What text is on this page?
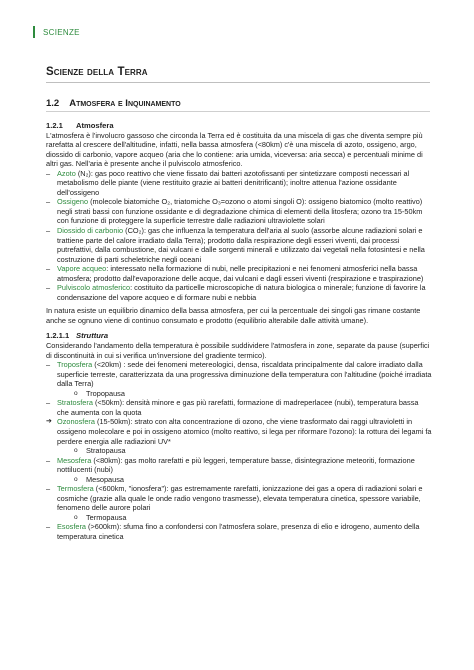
SCIENZE
Scienze della Terra
1.2 Atmosfera e Inquinamento
1.2.1 Atmosfera

L'atmosfera è l'involucro gassoso che circonda la Terra ed è costituita da una miscela di gas che diventa sempre più rarefatta al crescere dell'altitudine, infatti, nella bassa atmosfera (<80km) c'è una miscela di azoto, ossigeno, argo, diossido di carbonio, vapore acqueo (aria che lo contiene: aria umida, viceversa: aria secca) e percentuali minime di altri gas. Nell'aria è presente anche il pulviscolo atmosferico.

– Azoto (N₂): gas poco reattivo che viene fissato dai batteri azotofissanti per sintetizzare composti necessari al metabolismo delle piante (viene restituito grazie ai batteri denitrificanti); inoltre attenua l'azione ossidante dell'ossigeno
– Ossigeno (molecole biatomiche O₂, triatomiche O₃=ozono o atomi singoli O): ossigeno biatomico (molto reattivo) negli strati bassi con funzione ossidante e di degradazione chimica di elementi della litosfera; ozono tra 15-50km con funzione di proteggere la superficie terrestre dalle radiazioni ultraviolette solari
– Diossido di carbonio (CO₂): gas che influenza la temperatura dell'aria al suolo (assorbe alcune radiazioni solari e trattiene parte del calore irradiato dalla Terra); prodotto dalla respirazione degli esseri viventi, dai processi putrefattivi, dalla combustione, dai vulcani e dalle sorgenti minerali e utilizzato dai vegetali nella fotosintesi e nella costruzione di parti scheletriche negli oceani
– Vapore acqueo: interessato nella formazione di nubi, nelle precipitazioni e nei fenomeni atmosferici nella bassa atmosfera; prodotto dall'evaporazione delle acque, dai vulcani e dagli esseri viventi (respirazione e traspirazione)
– Pulviscolo atmosferico: costituito da particelle microscopiche di natura biologica o minerale; funzione di favorire la condensazione del vapore acqueo e di formare nubi e nebbia

In natura esiste un equilibrio dinamico della bassa atmosfera, per cui la percentuale dei singoli gas rimane costante anche se ognuno viene di continuo consumato e prodotto (equilibrio alterabile dalle attività umane).

1.2.1.1 Struttura

Considerando l'andamento della temperatura è possibile suddividere l'atmosfera in zone, separate da pause (superfici di discontinuità in cui si verifica un'inversione del gradiente termico).

– Troposfera (<20km) : sede dei fenomeni metereologici, densa, riscaldata principalmente dal calore irradiato dalla superficie terreste, caratterizzata da una progressiva diminuzione della temperatura con l'altitudine (poiché irradiata dalla Terra)
o Tropopausa
– Stratosfera (<50km): densità minore e gas più rarefatti, formazione di madreperlacee (nubi), temperatura bassa che aumenta con la quota
➔ Ozonosfera (15-50km): strato con alta concentrazione di ozono, che viene trasformato dai raggi ultravioletti in ossigeno molecolare e poi in ossigeno atomico (molto reattivo, si lega per riformare l'ozono): la rottura dei legami fa perdere energia alle radiazioni UV*
o Stratopausa
– Mesosfera (<80km): gas molto rarefatti e più leggeri, temperature basse, disintegrazione meteoriti, formazione nottilucenti (nubi)
o Mesopausa
– Termosfera (<600km, "ionosfera"): gas estremamente rarefatti, ionizzazione dei gas a opera di radiazioni solari e cosmiche (grazie alla quale le onde radio vengono trasmesse), elevata temperatura cinetica, spessore variabile, fenomeno delle aurore polari
o Termopausa
– Esosfera (>600km): sfuma fino a confondersi con l'atmosfera solare, presenza di elio e idrogeno, aumento della temperatura cinetica
